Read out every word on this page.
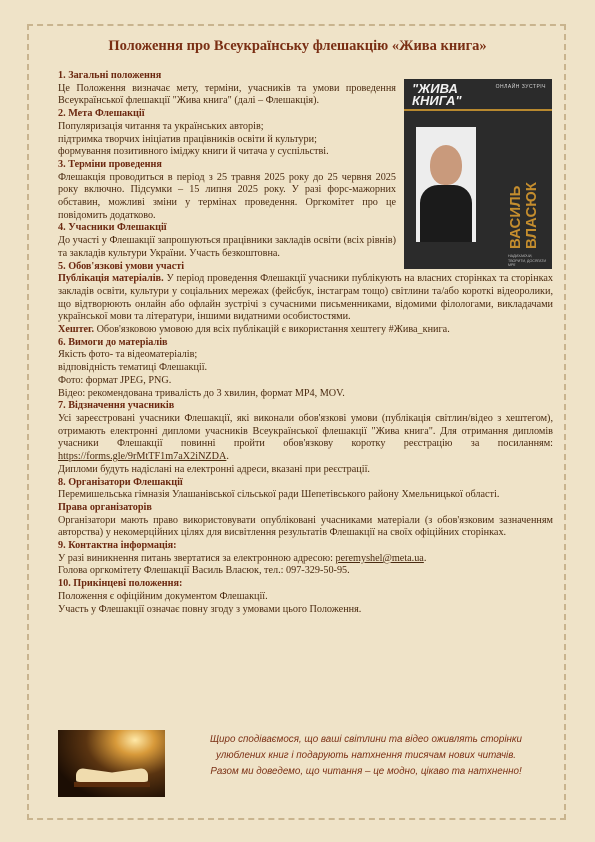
Положення про Всеукраїнську флешакцію «Жива книга»
"ЖИВА
КНИГА"
ОНЛАЙН ЗУСТРІЧ
ВАСИЛЬ
ВЛАСЮК
НАДИХАЮЧИ, ТВОРИТИ, ДОСЯГАТИ МРІЇ
1. Загальні положення
Це Положення визначає мету, терміни, учасників та умови проведення Всеукраїнської флешакції "Жива книга" (далі – Флешакція).
2. Мета Флешакції
Популяризація читання та українських авторів;
підтримка творчих ініціатив працівників освіти й культури;
формування позитивного іміджу книги й читача у суспільстві.
3. Терміни проведення
Флешакція проводиться в період з 25 травня 2025 року до 25 червня 2025 року включно. Підсумки – 15 липня 2025 року. У разі форс-мажорних обставин, можливі зміни у термінах проведення. Оргкомітет про це повідомить додатково.
4. Учасники Флешакції
До участі у Флешакції запрошуються працівники закладів освіти (всіх рівнів) та закладів культури України. Участь безкоштовна.
5. Обов'язкові умови участі
Публікація матеріалів. У період проведення Флешакції учасники публікують на власних сторінках та сторінках закладів освіти, культури у соціальних мережах (фейсбук, інстаграм тощо) світлини та/або короткі відеоролики, що відтворюють онлайн або офлайн зустрічі з сучасними письменниками, відомими філологами, викладачами української мови та літератури, іншими видатними особистостями.
Хештег. Обов'язковою умовою для всіх публікацій є використання хештегу #Жива_книга.
6. Вимоги до матеріалів
Якість фото- та відеоматеріалів;
відповідність тематиці Флешакції.
Фото: формат JPEG, PNG.
Відео: рекомендована тривалість до 3 хвилин, формат MP4, MOV.
7. Відзначення учасників
Усі зареєстровані учасники Флешакції, які виконали обов'язкові умови (публікація світлин/відео з хештегом), отримають електронні дипломи учасників Всеукраїнської флешакції "Жива книга". Для отримання дипломів учасники Флешакції повинні пройти обов'язкову коротку реєстрацію за посиланням: https://forms.gle/9rMtTF1m7aX2iNZDA.
Дипломи будуть надіслані на електронні адреси, вказані при реєстрації.
8. Організатори Флешакції
Перемишельська гімназія Улашанівської сільської ради Шепетівського району Хмельницької області.
Права організаторів
Організатори мають право використовувати опубліковані учасниками матеріали (з обов'язковим зазначенням авторства) у некомерційних цілях для висвітлення результатів Флешакції на своїх офіційних сторінках.
9. Контактна інформація:
У разі виникнення питань звертатися за електронною адресою: peremyshel@meta.ua.
Голова оргкомітету Флешакції Василь Власюк, тел.: 097-329-50-95.
10. Прикінцеві положення:
Положення є офіційним документом Флешакції.
Участь у Флешакції означає повну згоду з умовами цього Положення.
Щиро сподіваємося, що ваші світлини та відео оживлять сторінки
улюблених книг і подарують натхнення тисячам нових читачів.
Разом ми доведемо, що читання – це модно, цікаво та натхненно!
